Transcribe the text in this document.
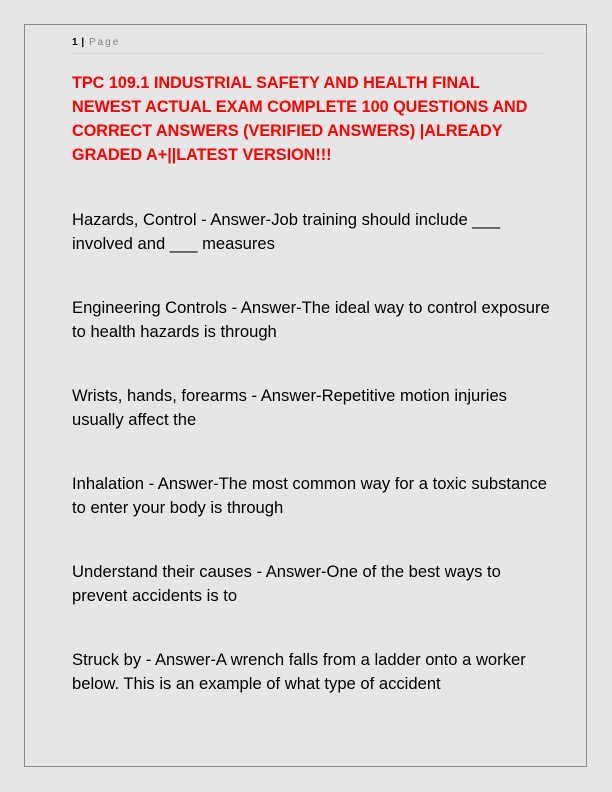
1 | Page
TPC 109.1 INDUSTRIAL SAFETY AND HEALTH FINAL NEWEST ACTUAL EXAM COMPLETE 100 QUESTIONS AND CORRECT ANSWERS (VERIFIED ANSWERS) |ALREADY GRADED A+||LATEST VERSION!!!
Hazards, Control - Answer-Job training should include ___ involved and ___ measures
Engineering Controls - Answer-The ideal way to control exposure to health hazards is through
Wrists, hands, forearms - Answer-Repetitive motion injuries usually affect the
Inhalation - Answer-The most common way for a toxic substance to enter your body is through
Understand their causes - Answer-One of the best ways to prevent accidents is to
Struck by - Answer-A wrench falls from a ladder onto a worker below. This is an example of what type of accident
